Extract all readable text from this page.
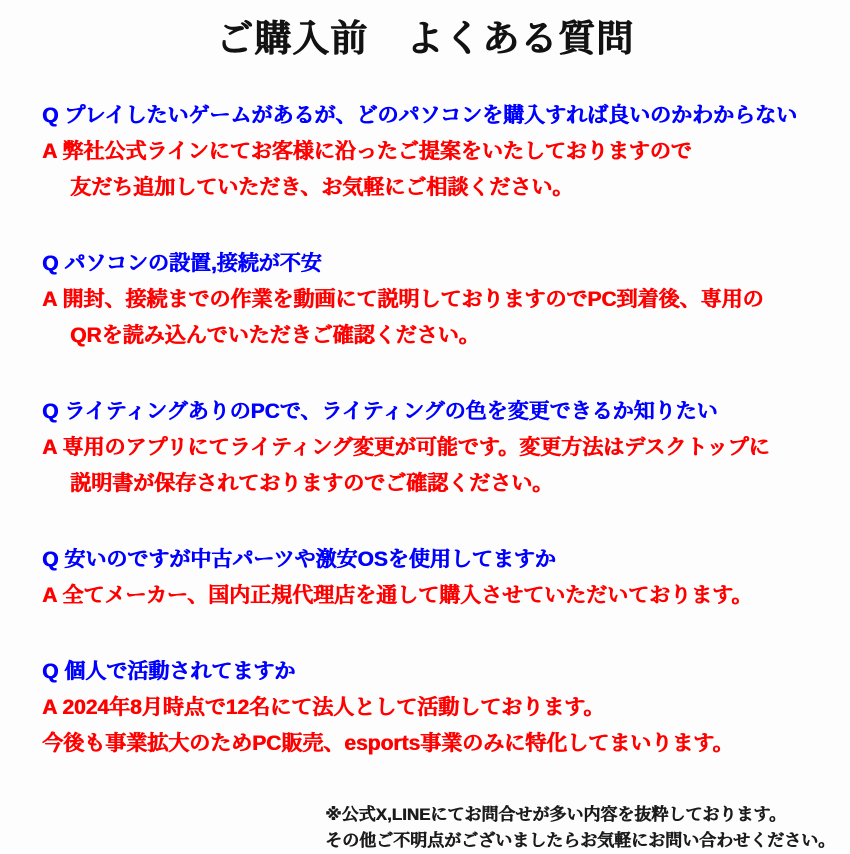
ご購入前　よくある質問
Q プレイしたいゲームがあるが、どのパソコンを購入すれば良いのかわからない
A 弊社公式ラインにてお客様に沿ったご提案をいたしておりますので
友だち追加していただき、お気軽にご相談ください。
Q パソコンの設置,接続が不安
A 開封、接続までの作業を動画にて説明しておりますのでPC到着後、専用の
QRを読み込んでいただきご確認ください。
Q ライティングありのPCで、ライティングの色を変更できるか知りたい
A 専用のアプリにてライティング変更が可能です。変更方法はデスクトップに
説明書が保存されておりますのでご確認ください。
Q 安いのですが中古パーツや激安OSを使用してますか
A 全てメーカー、国内正規代理店を通して購入させていただいております。
Q 個人で活動されてますか
A 2024年8月時点で12名にて法人として活動しております。
今後も事業拡大のためPC販売、esports事業のみに特化してまいります。
※公式X,LINEにてお問合せが多い内容を抜粋しております。
その他ご不明点がございましたらお気軽にお問い合わせください。
